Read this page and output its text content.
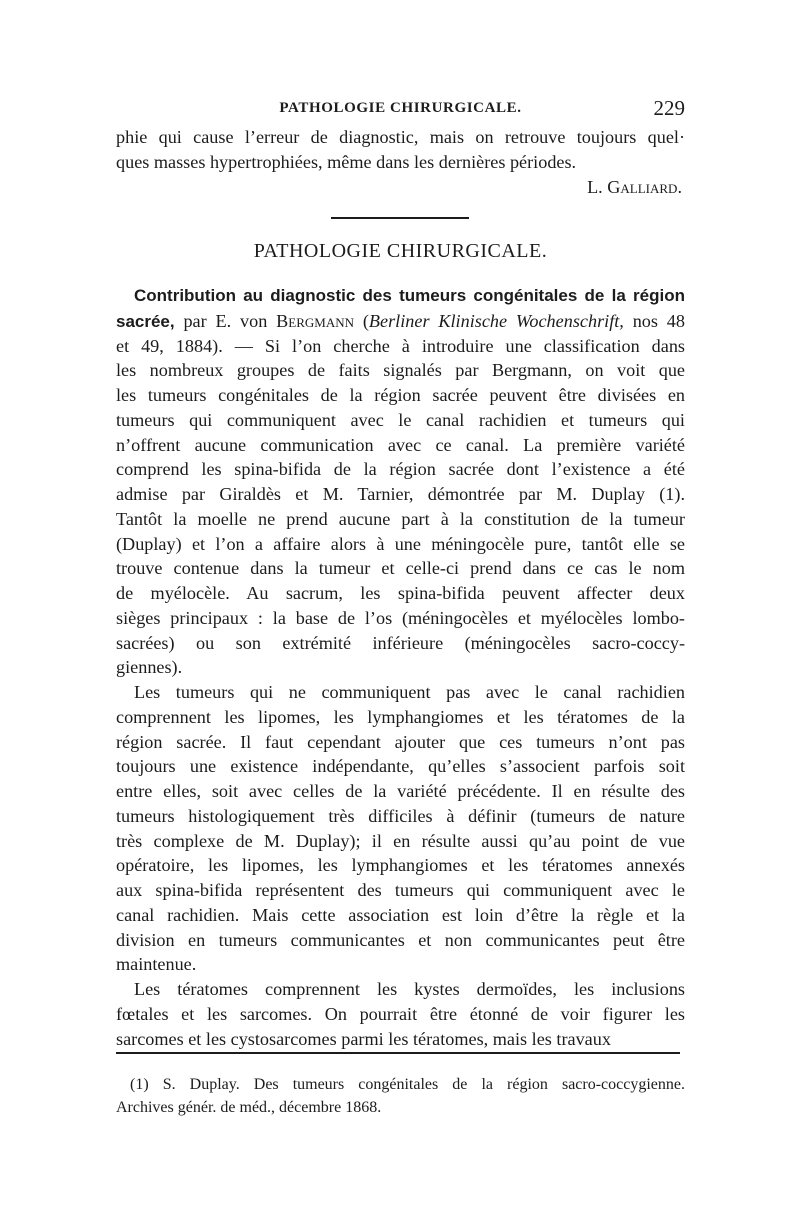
PATHOLOGIE CHIRURGICALE.	229
phie qui cause l’erreur de diagnostic, mais on retrouve toujours quel·
ques masses hypertrophiées, même dans les dernières périodes.
L. Galliard.
PATHOLOGIE CHIRURGICALE.
Contribution au diagnostic des tumeurs congénitales de la région
sacrée, par E. von Bergmann (Berliner Klinische Wochenschrift, nos 48
et 49, 1884). — Si l’on cherche à introduire une classification dans
les nombreux groupes de faits signalés par Bergmann, on voit que
les tumeurs congénitales de la région sacrée peuvent être divisées en
tumeurs qui communiquent avec le canal rachidien et tumeurs qui
n’offrent aucune communication avec ce canal. La première variété
comprend les spina-bifida de la région sacrée dont l’existence a été
admise par Giraldès et M. Tarnier, démontrée par M. Duplay (1).
Tantôt la moelle ne prend aucune part à la constitution de la tumeur
(Duplay) et l’on a affaire alors à une méningocèle pure, tantôt elle se
trouve contenue dans la tumeur et celle-ci prend dans ce cas le nom
de myélocèle. Au sacrum, les spina-bifida peuvent affecter deux
sièges principaux : la base de l’os (méningocèles et myélocèles lombo-
sacrées) ou son extrémité inférieure (méningocèles sacro-coccy-
giennes).
Les tumeurs qui ne communiquent pas avec le canal rachidien
comprennent les lipomes, les lymphangiomes et les tératomes de la
région sacrée. Il faut cependant ajouter que ces tumeurs n’ont pas
toujours une existence indépendante, qu’elles s’associent parfois soit
entre elles, soit avec celles de la variété précédente. Il en résulte des
tumeurs histologiquement très difficiles à définir (tumeurs de nature
très complexe de M. Duplay); il en résulte aussi qu’au point de vue
opératoire, les lipomes, les lymphangiomes et les tératomes annexés
aux spina-bifida représentent des tumeurs qui communiquent avec le
canal rachidien. Mais cette association est loin d’être la règle et la
division en tumeurs communicantes et non communicantes peut être
maintenue.
Les tératomes comprennent les kystes dermoïdes, les inclusions
fœtales et les sarcomes. On pourrait être étonné de voir figurer les
sarcomes et les cystosarcomes parmi les tératomes, mais les travaux
(1) S. Duplay. Des tumeurs congénitales de la région sacro-coccygienne.
Archives génér. de méd., décembre 1868.
